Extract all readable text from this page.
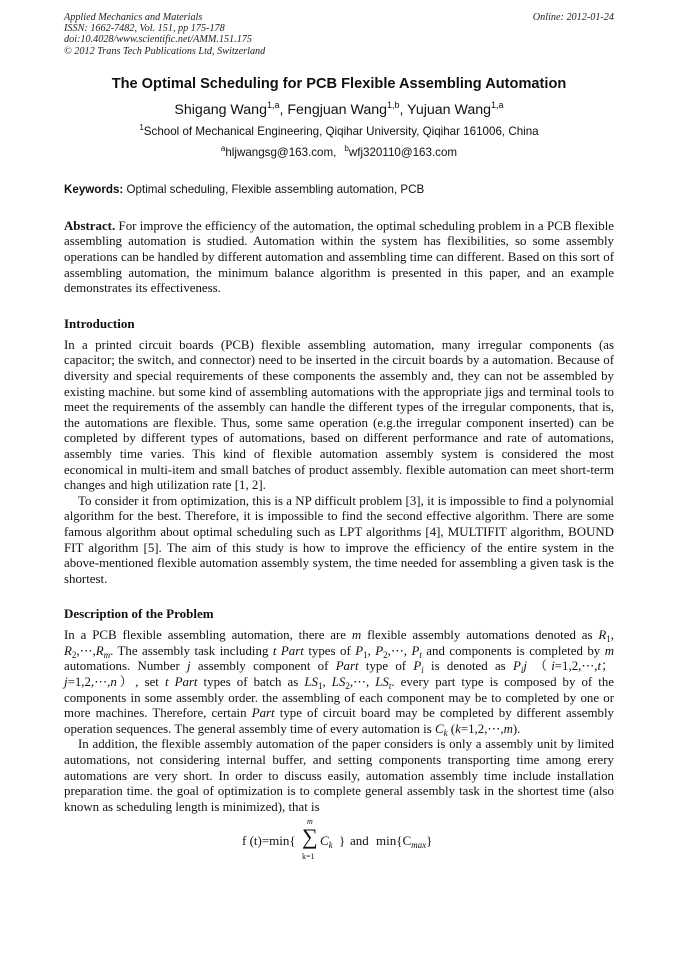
Applied Mechanics and Materials
ISSN: 1662-7482, Vol. 151, pp 175-178
doi:10.4028/www.scientific.net/AMM.151.175
© 2012 Trans Tech Publications Ltd, Switzerland
Online: 2012-01-24
The Optimal Scheduling for PCB Flexible Assembling Automation
Shigang Wang$^{1,a}$, Fengjuan Wang$^{1,b}$, Yujuan Wang$^{1,a}$
$^1$School of Mechanical Engineering, Qiqihar University, Qiqihar 161006, China
$^a$hljwangsg@163.com, $^b$wfj320110@163.com
Keywords: Optimal scheduling, Flexible assembling automation, PCB

Abstract. For improve the efficiency of the automation, the optimal scheduling problem in a PCB flexible assembling automation is studied. Automation within the system has flexibilities, so some assembly operations can be handled by different automation and assembling time can different. Based on this sort of assembling automation, the minimum balance algorithm is presented in this paper, and an example demonstrates its effectiveness.

Introduction

In a printed circuit boards (PCB) flexible assembling automation, many irregular components (as capacitor; the switch, and connector) need to be inserted in the circuit boards by a automation. Because of diversity and special requirements of these components the assembly and, they can not be assembled by existing machine. but some kind of assembling automations with the appropriate jigs and terminal tools to meet the requirements of the assembly can handle the different types of the irregular components, that is, the automations are flexible. Thus, some same operation (e.g.the irregular component inserted) can be completed by different types of automations, based on different performance and rate of automations, assembly time varies. This kind of flexible automation assembly system is considered the most economical in multi-item and small batches of product assembly. flexible automation can meet short-term changes and high utilization rate [1, 2].

To consider it from optimization, this is a NP difficult problem [3], it is impossible to find a polynomial algorithm for the best. Therefore, it is impossible to find the second effective algorithm. There are some famous algorithm about optimal scheduling such as LPT algorithms [4], MULTIFIT algorithm, BOUND FIT algorithm [5]. The aim of this study is how to improve the efficiency of the entire system in the above-mentioned flexible automation assembly system, the time needed for assembling a given task is the shortest.

Description of the Problem

In a PCB flexible assembling automation, there are m flexible assembly automations denoted as $R_1$, $R_2,\cdots,R_m$. The assembly task including t Part types of $P_1$, $P_2,\cdots$, $P_t$ and components is completed by m automations. Number j assembly component of Part type of $P_i$ is denoted as $P_ij$ （i=1,2,⋯,t；j=1,2,⋯,n）, set t Part types of batch as $LS_1$, $LS_2,\cdots$, $LS_t$. every part type is composed by of the components in some assembly order. the assembling of each component may be to completed by one or more machines. Therefore, certain Part type of circuit board may be completed by different assembly operation sequences. The general assembly time of every automation is $C_k$ (k=1,2,⋯,m).

In addition, the flexible assembly automation of the paper considers is only a assembly unit by limited automations, not considering internal buffer, and setting components transporting time among erery automations are very short. In order to discuss easily, automation assembly time include installation preparation time. the goal of optimization is to complete general assembly task in the shortest time (also known as scheduling length is minimized), that is

f (t)=min{
m
∑
k=1
$C_k$ } and $\min\{C_{max}\}$
